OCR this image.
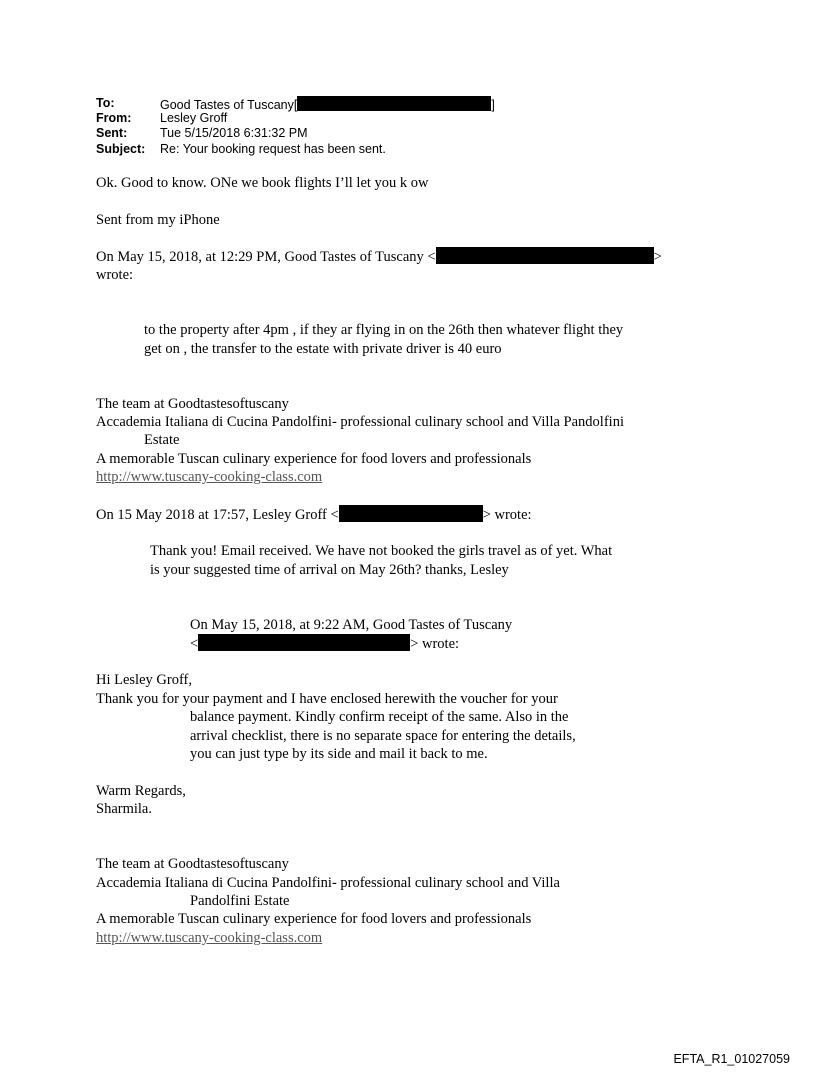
To:	Good Tastes of Tuscany[	]
From: Lesley Groff
Sent:	Tue 5/15/2018 6:31:32 PM
Subject: Re: Your booking request has been sent.
Ok. Good to know. ONe we book flights I’ll let you k ow
Sent from my iPhone
On May 15, 2018, at 12:29 PM, Good Tastes of Tuscany <	>
wrote:
to the property after 4pm , if they ar flying in on the 26th then whatever flight they
get on , the transfer to the estate with private driver is 40 euro
The team at Goodtastesoftuscany
Accademia Italiana di Cucina Pandolfini- professional culinary school and Villa Pandolfini
Estate
A memorable Tuscan culinary experience for food lovers and professionals
http://www.tuscany-cooking-class.com
On 15 May 2018 at 17:57, Lesley Groff <	> wrote:
Thank you! Email received. We have not booked the girls travel as of yet. What
is your suggested time of arrival on May 26th? thanks, Lesley
On May 15, 2018, at 9:22 AM, Good Tastes of Tuscany
<	> wrote:
Hi Lesley Groff,
Thank you for your payment and I have enclosed herewith the voucher for your
balance payment. Kindly confirm receipt of the same. Also in the
arrival checklist, there is no separate space for entering the details,
you can just type by its side and mail it back to me.
Warm Regards,
Sharmila.
The team at Goodtastesoftuscany
Accademia Italiana di Cucina Pandolfini- professional culinary school and Villa
Pandolfini Estate
A memorable Tuscan culinary experience for food lovers and professionals
http://www.tuscany-cooking-class.com
EFTA_R1_01027059
